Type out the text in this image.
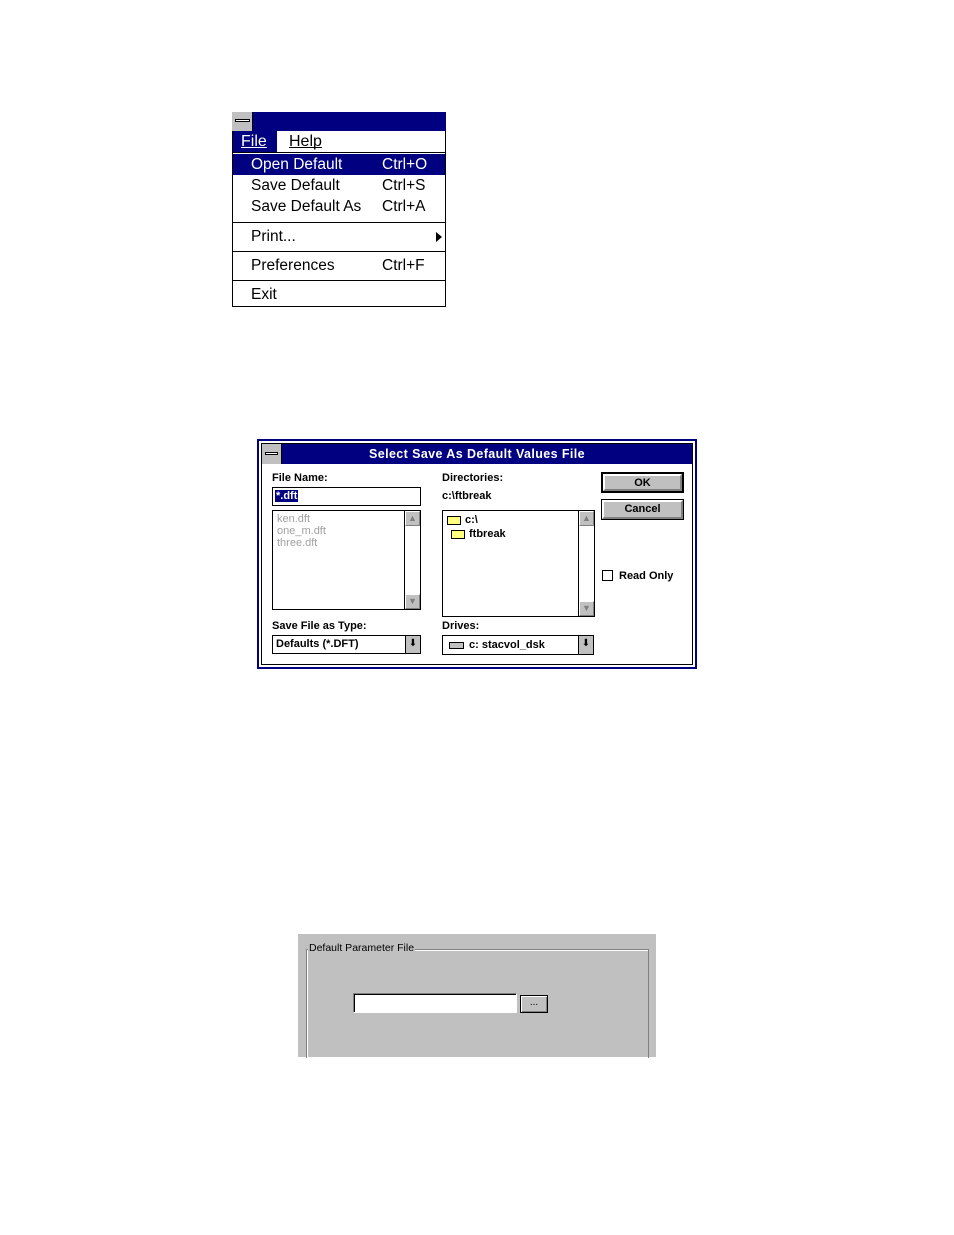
File	Help
Open Default	Ctrl+O
Save Default	Ctrl+S
Save Default As Ctrl+A
Print...
Preferences	Ctrl+F
Exit
Select Save As Default Values File
File Name:
*.dft
ken.dft
one_m.dft
three.dft
▲
▼
Save File as Type:
Defaults (*.DFT)	⬇
Directories:
c:\ftbreak
c:\
ftbreak
▲
▼
Drives:
c: stacvol_dsk	⬇
OK
Cancel
Read Only
Default Parameter File
...
